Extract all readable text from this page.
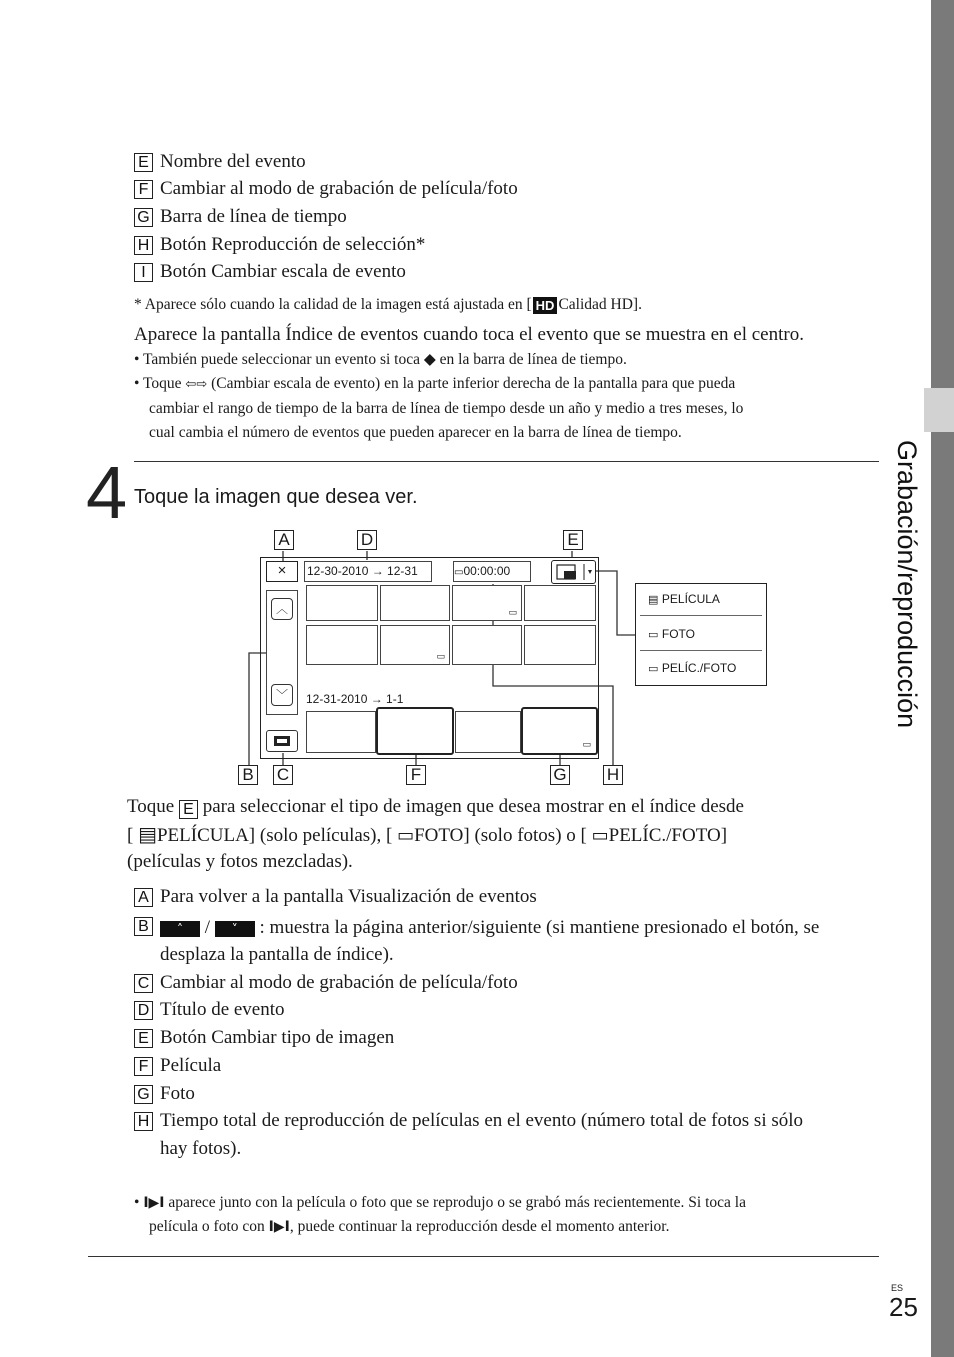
Grabación/reproducción
E Nombre del evento
F Cambiar al modo de grabación de película/foto
G Barra de línea de tiempo
H Botón Reproducción de selección*
I Botón Cambiar escala de evento
* Aparece sólo cuando la calidad de la imagen está ajustada en [ HD Calidad HD].
Aparece la pantalla Índice de eventos cuando toca el evento que se muestra en el centro.
• También puede seleccionar un evento si toca ◆ en la barra de línea de tiempo.
• Toque ⇦⇨ (Cambiar escala de evento) en la parte inferior derecha de la pantalla para que pueda
cambiar el rango de tiempo de la barra de línea de tiempo desde un año y medio a tres meses, lo
cual cambia el número de eventos que pueden aparecer en la barra de línea de tiempo.
4 Toque la imagen que desea ver.
A	D	E
B C	F	G H
×
︿
﹀
12-30-2010 → 12-31	▭00:00:00
▭
▭
12-31-2010 → 1-1
▭
▤ PELÍCULA
▭ FOTO
▭ PELÍC./FOTO
Toque E para seleccionar el tipo de imagen que desea mostrar en el índice desde
[ ▤PELÍCULA] (solo películas), [ ▭FOTO] (solo fotos) o [ ▭PELÍC./FOTO]
(películas y fotos mezcladas).
A Para volver a la pantalla Visualización de eventos
B	˄ / ˅ : muestra la página anterior/siguiente (si mantiene presionado el botón, se
desplaza la pantalla de índice).
C Cambiar al modo de grabación de película/foto
D Título de evento
E Botón Cambiar tipo de imagen
F Película
G Foto
H Tiempo total de reproducción de películas en el evento (número total de fotos si sólo
hay fotos).
• I▶I aparece junto con la película o foto que se reprodujo o se grabó más recientemente. Si toca la
película o foto con I▶I, puede continuar la reproducción desde el momento anterior.
ES
25
